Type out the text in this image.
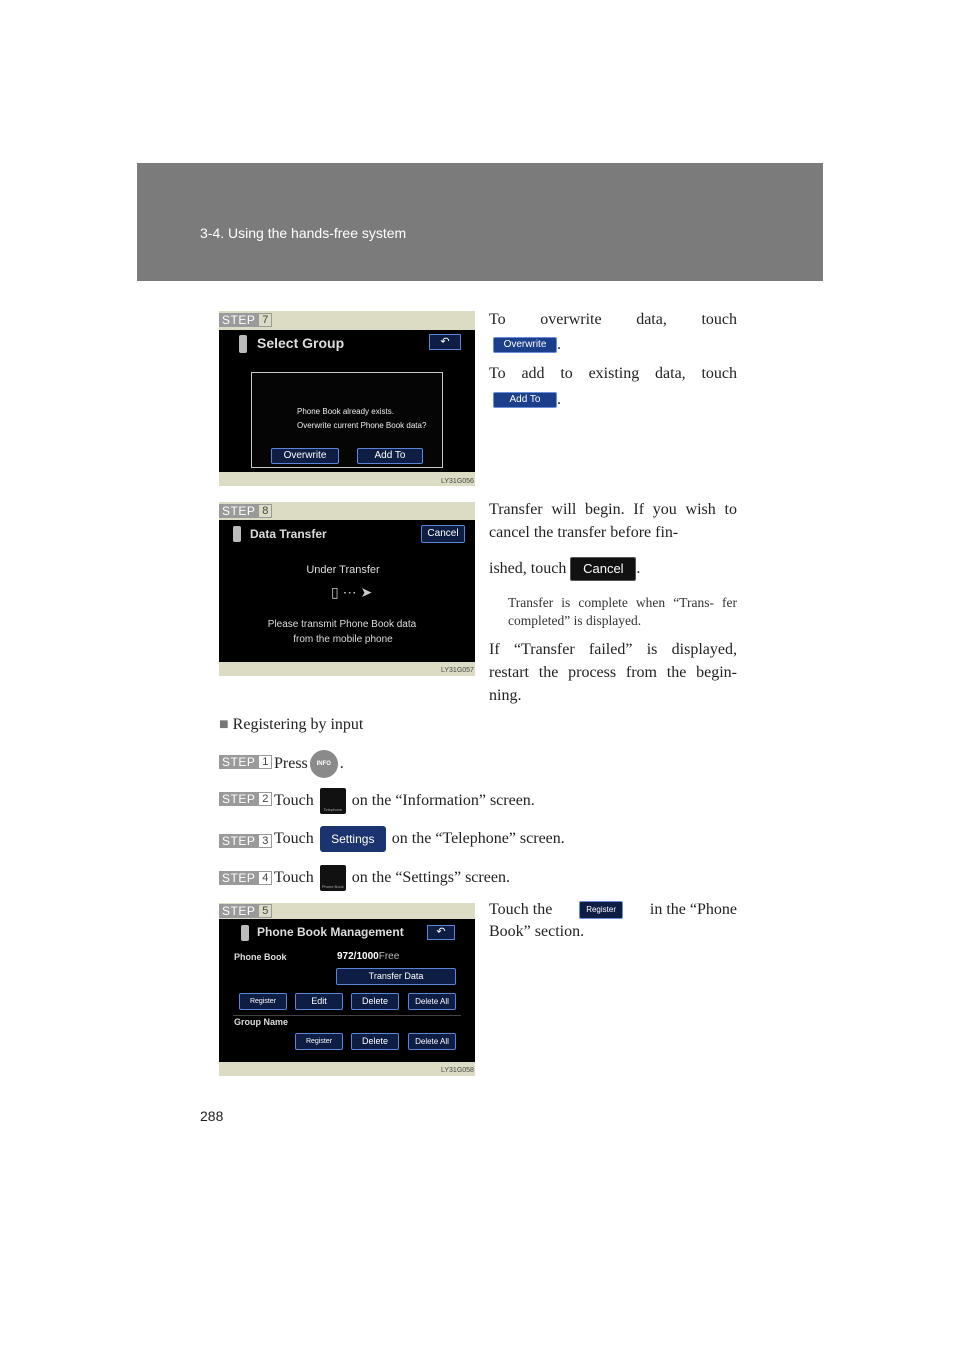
3-4. Using the hands-free system
STEP 7
Select Group	↶
Phone Book already exists.
Overwrite current Phone Book data?
Overwrite	Add To
LY31G056
To overwrite data, touch
Overwrite .
To add to existing data, touch
Add To .
STEP 8
Data Transfer	Cancel
Under Transfer
▯ ⋯ ➤
Please transmit Phone Book data
from the mobile phone
LY31G057
Transfer will begin. If you wish to cancel the transfer before fin-
ished, touch Cancel .
Transfer is complete when “Trans- fer completed” is displayed.
If “Transfer failed” is displayed, restart the process from the begin- ning.
■ Registering by input
STEP 1 Press	INFO .
STEP 2 Touch
Telephone
on the “Information” screen.
STEP 3 Touch	Settings	on the “Telephone” screen.
STEP 4 Touch
Phone Book
on the “Settings” screen.
STEP 5
Phone Book Management	↶
Phone Book	972/1000Free
Transfer Data
Register	Edit	Delete	Delete All
Group Name
Register	Delete	Delete All
LY31G058
Touch the	Register	in the “Phone
Book” section.
288
